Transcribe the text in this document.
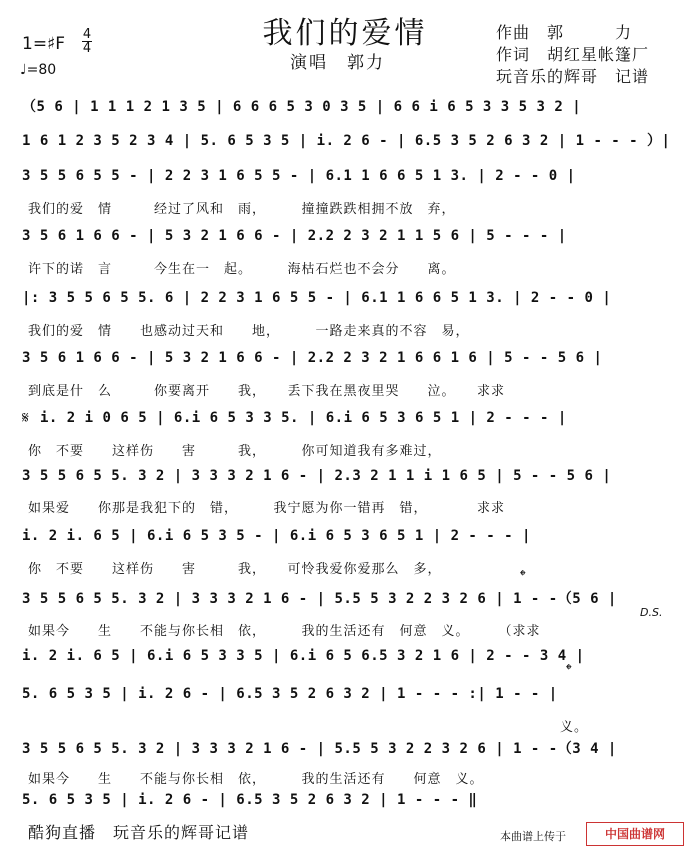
我们的爱情
演唱　郭力
作曲　郭　　　力
作词　胡红星帐篷厂
玩音乐的辉哥　记谱
1=♯F 4
4
♩=80
（5 6 | 1 1 1 2 1 3 5 | 6 6 6 5 3 0 3 5 | 6 6 i 6 5 3 3 5 3 2 |
1 6 1 2 3 5 2 3 4 | 5. 6 5 3 5 | i. 2 6 - | 6.5 3 5 2 6 3 2 | 1 - - - ）|
3 5 5 6 5 5 - | 2 2 3 1 6 5 5 - | 6.1 1 6 6 5 1 3. | 2 - - 0 |
我们的爱　情　　　经过了风和　雨，　　　撞撞跌跌相拥不放　弃，
3 5 6 1 6 6 - | 5 3 2 1 6 6 - | 2.2 2 3 2 1 1 5 6 | 5 - - - |
许下的诺　言　　　今生在一　起。　　　海枯石烂也不会分　　离。
|: 3 5 5 6 5 5. 6 | 2 2 3 1 6 5 5 - | 6.1 1 6 6 5 1 3. | 2 - - 0 |
我们的爱　情　　也感动过天和　　地，　　　一路走来真的不容　易，
3 5 6 1 6 6 - | 5 3 2 1 6 6 - | 2.2 2 3 2 1 6 6 1 6 | 5 - - 5 6 |
到底是什　么　　　你要离开　　我，　　丢下我在黑夜里哭　　泣。　　求求
𝄋 i. 2 i 0 6 5 | 6.i 6 5 3 3 5. | 6.i 6 5 3 6 5 1 | 2 - - - |
你　不要　　这样伤　　害　　　我，　　　你可知道我有多难过，
3 5 5 6 5 5. 3 2 | 3 3 3 2 1 6 - | 2.3 2 1 1 i 1 6 5 | 5 - - 5 6 |
如果爱　　你那是我犯下的　错，　　　我宁愿为你一错再　错，　　　　求求
i. 2 i. 6 5 | 6.i 6 5 3 5 - | 6.i 6 5 3 6 5 1 | 2 - - - |
你　不要　　这样伤　　害　　　我，　　可怜我爱你爱那么　多，	𝄌
3 5 5 6 5 5. 3 2 | 3 3 3 2 1 6 - | 5.5 5 3 2 2 3 2 6 | 1 - -（5 6 |
D.S.
如果今　　生　　不能与你长相　依，　　　我的生活还有　何意　义。　　　（求求
i. 2 i. 6 5 | 6.i 6 5 3 3 5 | 6.i 6 5 6.5 3 2 1 6 | 2 - - 3 4 |
𝄌
5. 6 5 3 5 | i. 2 6 - | 6.5 3 5 2 6 3 2 | 1 - - - :| 1 - - |
义。
3 5 5 6 5 5. 3 2 | 3 3 3 2 1 6 - | 5.5 5 3 2 2 3 2 6 | 1 - -（3 4 |
如果今　　生　　不能与你长相　依，　　　我的生活还有　　何意　义。
5. 6 5 3 5 | i. 2 6 - | 6.5 3 5 2 6 3 2 | 1 - - - ‖
酷狗直播　玩音乐的辉哥记谱	本曲谱上传于	中国曲谱网
